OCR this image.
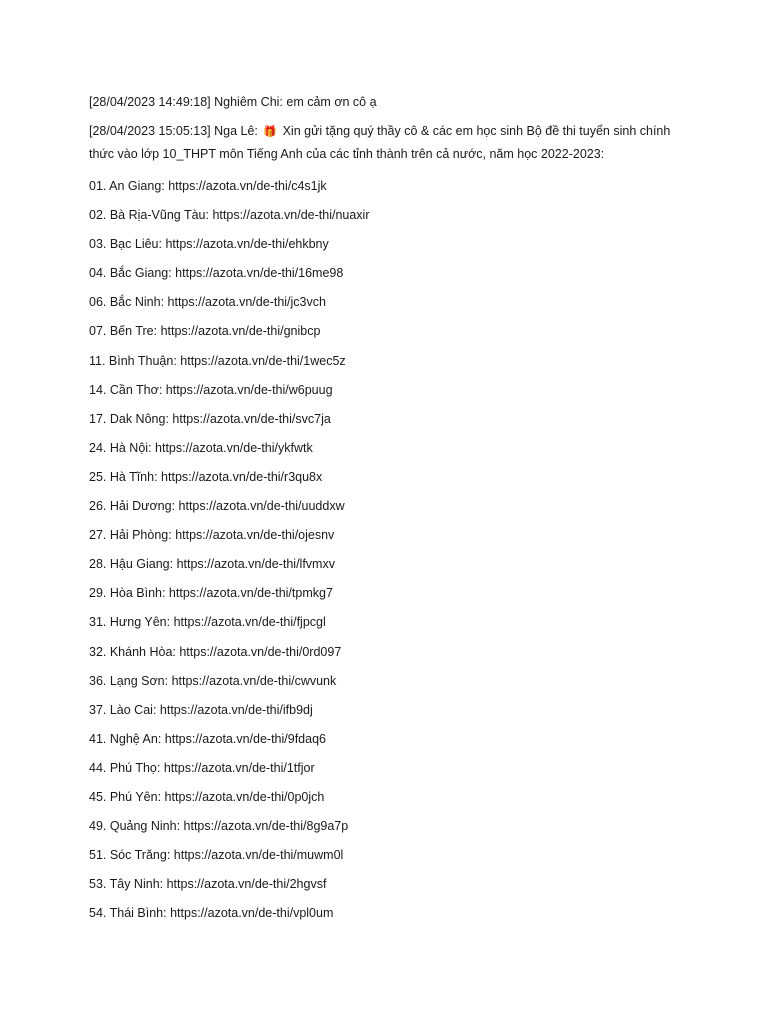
[28/04/2023 14:49:18] Nghiêm Chi: em cảm ơn cô ạ

[28/04/2023 15:05:13] Nga Lê: 🎁 Xin gửi tặng quý thầy cô & các em học sinh Bộ đề thi tuyển sinh chính thức vào lớp 10_THPT môn Tiếng Anh của các tỉnh thành trên cả nước, năm học 2022-2023:

01. An Giang : https://azota.vn/de-thi/c4s1jk
02. Bà Rịa-Vũng Tàu : https://azota.vn/de-thi/nuaxir
03. Bạc Liêu : https://azota.vn/de-thi/ehkbny
04. Bắc Giang : https://azota.vn/de-thi/16me98
06. Bắc Ninh : https://azota.vn/de-thi/jc3vch
07. Bến Tre : https://azota.vn/de-thi/gnibcp
11. Bình Thuận : https://azota.vn/de-thi/1wec5z
14. Cần Thơ : https://azota.vn/de-thi/w6puug
17. Dak Nông : https://azota.vn/de-thi/svc7ja
24. Hà Nội : https://azota.vn/de-thi/ykfwtk
25. Hà Tĩnh : https://azota.vn/de-thi/r3qu8x
26. Hải Dương : https://azota.vn/de-thi/uuddxw
27. Hải Phòng : https://azota.vn/de-thi/ojesnv
28. Hậu Giang : https://azota.vn/de-thi/lfvmxv
29. Hòa Bình : https://azota.vn/de-thi/tpmkg7
31. Hưng Yên : https://azota.vn/de-thi/fjpcgl
32. Khánh Hòa : https://azota.vn/de-thi/0rd097
36. Lạng Sơn : https://azota.vn/de-thi/cwvunk
37. Lào Cai : https://azota.vn/de-thi/ifb9dj
41. Nghệ An : https://azota.vn/de-thi/9fdaq6
44. Phú Thọ : https://azota.vn/de-thi/1tfjor
45. Phú Yên : https://azota.vn/de-thi/0p0jch
49. Quảng Ninh : https://azota.vn/de-thi/8g9a7p
51. Sóc Trăng : https://azota.vn/de-thi/muwm0l
53. Tây Ninh : https://azota.vn/de-thi/2hgvsf
54. Thái Bình : https://azota.vn/de-thi/vpl0um
